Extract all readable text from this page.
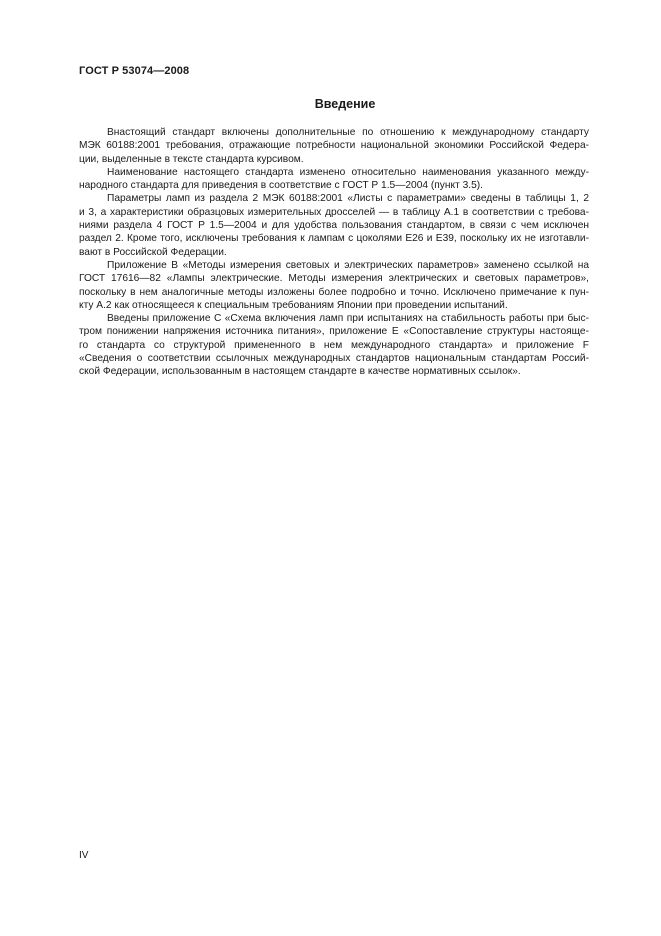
ГОСТ Р 53074—2008
Введение

Внастоящий стандарт включены дополнительные по отношению к международному стандарту
МЭК 60188:2001 требования, отражающие потребности национальной экономики Российской Федера-
ции, выделенные в тексте стандарта курсивом.

Наименование настоящего стандарта изменено относительно наименования указанного между-
народного стандарта для приведения в соответствие с ГОСТ Р 1.5—2004 (пункт 3.5).

Параметры ламп из раздела 2 МЭК 60188:2001 «Листы с параметрами» сведены в таблицы 1, 2
и 3, а характеристики образцовых измерительных дросселей — в таблицу А.1 в соответствии с требова-
ниями раздела 4 ГОСТ Р 1.5—2004 и для удобства пользования стандартом, в связи с чем исключен
раздел 2. Кроме того, исключены требования к лампам с цоколями Е26 и Е39, поскольку их не изготавли-
вают в Российской Федерации.

Приложение В «Методы измерения световых и электрических параметров» заменено ссылкой на
ГОСТ 17616—82 «Лампы электрические. Методы измерения электрических и световых параметров»,
поскольку в нем аналогичные методы изложены более подробно и точно. Исключено примечание к пун-
кту А.2 как относящееся к специальным требованиям Японии при проведении испытаний.

Введены приложение С «Схема включения ламп при испытаниях на стабильность работы при быс-
тром понижении напряжения источника питания», приложение Е «Сопоставление структуры настояще-
го стандарта со структурой примененного в нем международного стандарта» и приложение F
«Сведения о соответствии ссылочных международных стандартов национальным стандартам Россий-
ской Федерации, использованным в настоящем стандарте в качестве нормативных ссылок».

IV
